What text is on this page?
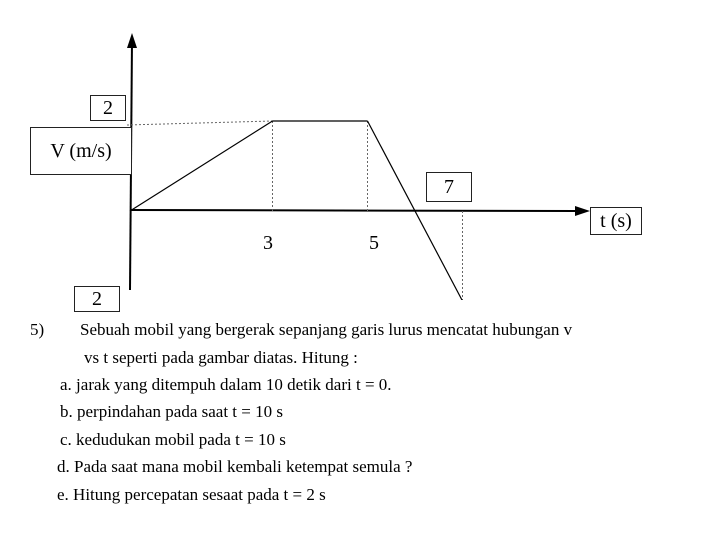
2
V (m/s)
7
t (s)
3	5
2
5) Sebuah mobil yang bergerak sepanjang garis lurus mencatat hubungan v
vs t seperti pada gambar diatas. Hitung :
a. jarak yang ditempuh dalam 10 detik dari t = 0.
b. perpindahan pada saat t = 10 s
c. kedudukan mobil pada t = 10 s
d. Pada saat mana mobil kembali ketempat semula ?
e. Hitung percepatan sesaat pada t = 2 s
